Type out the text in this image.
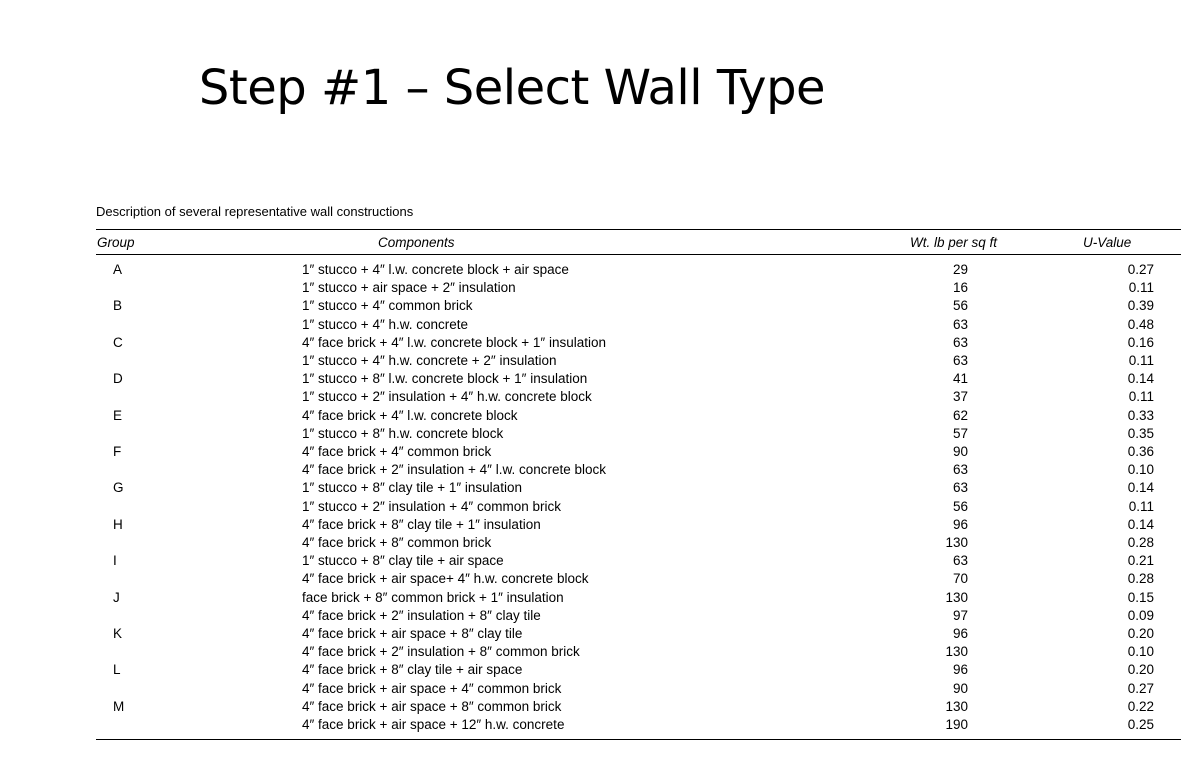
Step #1 – Select Wall Type
Description of several representative wall constructions
Group	Components	Wt. lb per sq ft	U-Value
A	1″ stucco + 4″ l.w. concrete block + air space	29	0.27
	1″ stucco + air space + 2″ insulation	16	0.11
B	1″ stucco + 4″ common brick	56	0.39
	1″ stucco + 4″ h.w. concrete	63	0.48
C	4″ face brick + 4″ l.w. concrete block + 1″ insulation	63	0.16
	1″ stucco + 4″ h.w. concrete + 2″ insulation	63	0.11
D	1″ stucco + 8″ l.w. concrete block + 1″ insulation	41	0.14
	1″ stucco + 2″ insulation + 4″ h.w. concrete block	37	0.11
E	4″ face brick + 4″ l.w. concrete block	62	0.33
	1″ stucco + 8″ h.w. concrete block	57	0.35
F	4″ face brick + 4″ common brick	90	0.36
	4″ face brick + 2″ insulation + 4″ l.w. concrete block	63	0.10
G	1″ stucco + 8″ clay tile + 1″ insulation	63	0.14
	1″ stucco + 2″ insulation + 4″ common brick	56	0.11
H	4″ face brick + 8″ clay tile + 1″ insulation	96	0.14
	4″ face brick + 8″ common brick	130	0.28
I	1″ stucco + 8″ clay tile + air space	63	0.21
	4″ face brick + air space+ 4″ h.w. concrete block	70	0.28
J	face brick + 8″ common brick + 1″ insulation	130	0.15
	4″ face brick + 2″ insulation + 8″ clay tile	97	0.09
K	4″ face brick + air space + 8″ clay tile	96	0.20
	4″ face brick + 2″ insulation + 8″ common brick	130	0.10
L	4″ face brick + 8″ clay tile + air space	96	0.20
	4″ face brick + air space + 4″ common brick	90	0.27
M	4″ face brick + air space + 8″ common brick	130	0.22
	4″ face brick + air space + 12″ h.w. concrete	190	0.25
